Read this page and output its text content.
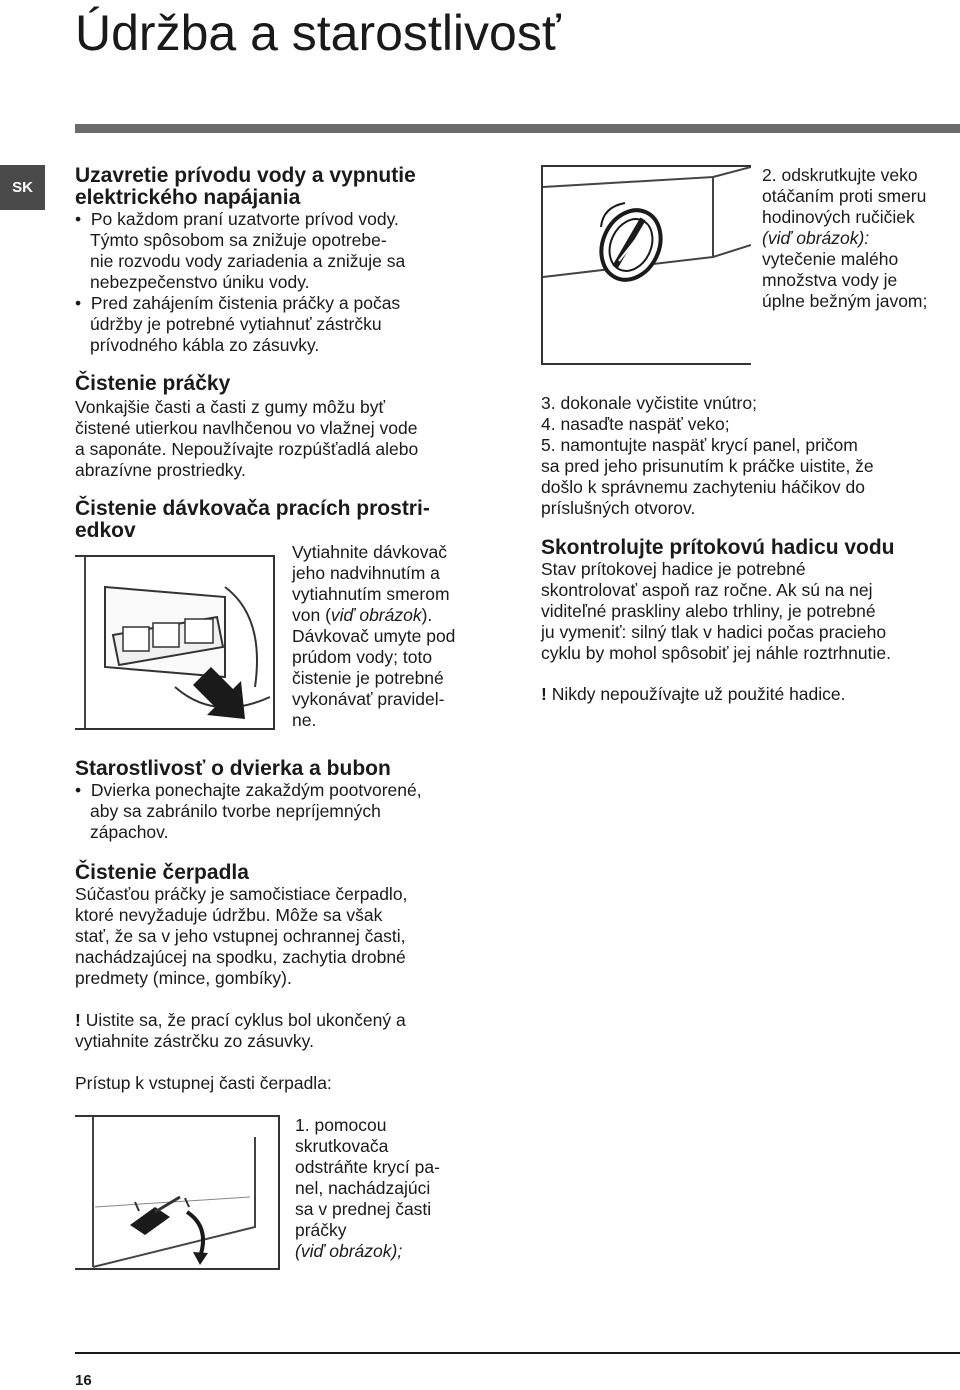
Údržba a starostlivosť
SK

Uzavretie prívodu vody a vypnutie

elektrického napájania

•  Po každom praní uzatvorte prívod vody.

Týmto spôsobom sa znižuje opotrebe-

nie rozvodu vody zariadenia a znižuje sa

nebezpečenstvo úniku vody.

•  Pred zahájením čistenia práčky a počas

údržby je potrebné vytiahnuť zástrčku

prívodného kábla zo zásuvky.

Čistenie práčky

Vonkajšie časti a časti z gumy môžu byť

čistené utierkou navlhčenou vo vlažnej vode

a saponáte. Nepoužívajte rozpúšťadlá alebo

abrazívne prostriedky.

Čistenie dávkovača pracích prostri-

edkov

Vytiahnite dávkovač

jeho nadvihnutím a

vytiahnutím smerom

von (viď obrázok).

Dávkovač umyte pod

prúdom vody; toto

čistenie je potrebné

vykonávať pravidel-

ne.

Starostlivosť o dvierka a bubon

•  Dvierka ponechajte zakaždým pootvorené,

aby sa zabránilo tvorbe nepríjemných

zápachov.

Čistenie čerpadla

Súčasťou práčky je samočistiace čerpadlo,

ktoré nevyžaduje údržbu. Môže sa však

stať, že sa v jeho vstupnej ochrannej časti,

nachádzajúcej na spodku, zachytia drobné

predmety (mince, gombíky).

! Uistite sa, že prací cyklus bol ukončený a

vytiahnite zástrčku zo zásuvky.

Prístup k vstupnej časti čerpadla:

1. pomocou

skrutkovača

odstráňte krycí pa-

nel, nachádzajúci

sa v prednej časti

práčky

(viď obrázok);

2. odskrutkujte veko

otáčaním proti smeru

hodinových ručičiek

(viď obrázok):

vytečenie malého

množstva vody je

úplne bežným javom;

3. dokonale vyčistite vnútro;

4. nasaďte naspäť veko;

5. namontujte naspäť krycí panel, pričom

sa pred jeho prisunutím k práčke uistite, že

došlo k správnemu zachyteniu háčikov do

príslušných otvorov.

Skontrolujte prítokovú hadicu vodu

Stav prítokovej hadice je potrebné

skontrolovať aspoň raz ročne. Ak sú na nej

viditeľné praskliny alebo trhliny, je potrebné

ju vymeniť: silný tlak v hadici počas pracieho

cyklu by mohol spôsobiť jej náhle roztrhnutie.

! Nikdy nepoužívajte už použité hadice.

16
